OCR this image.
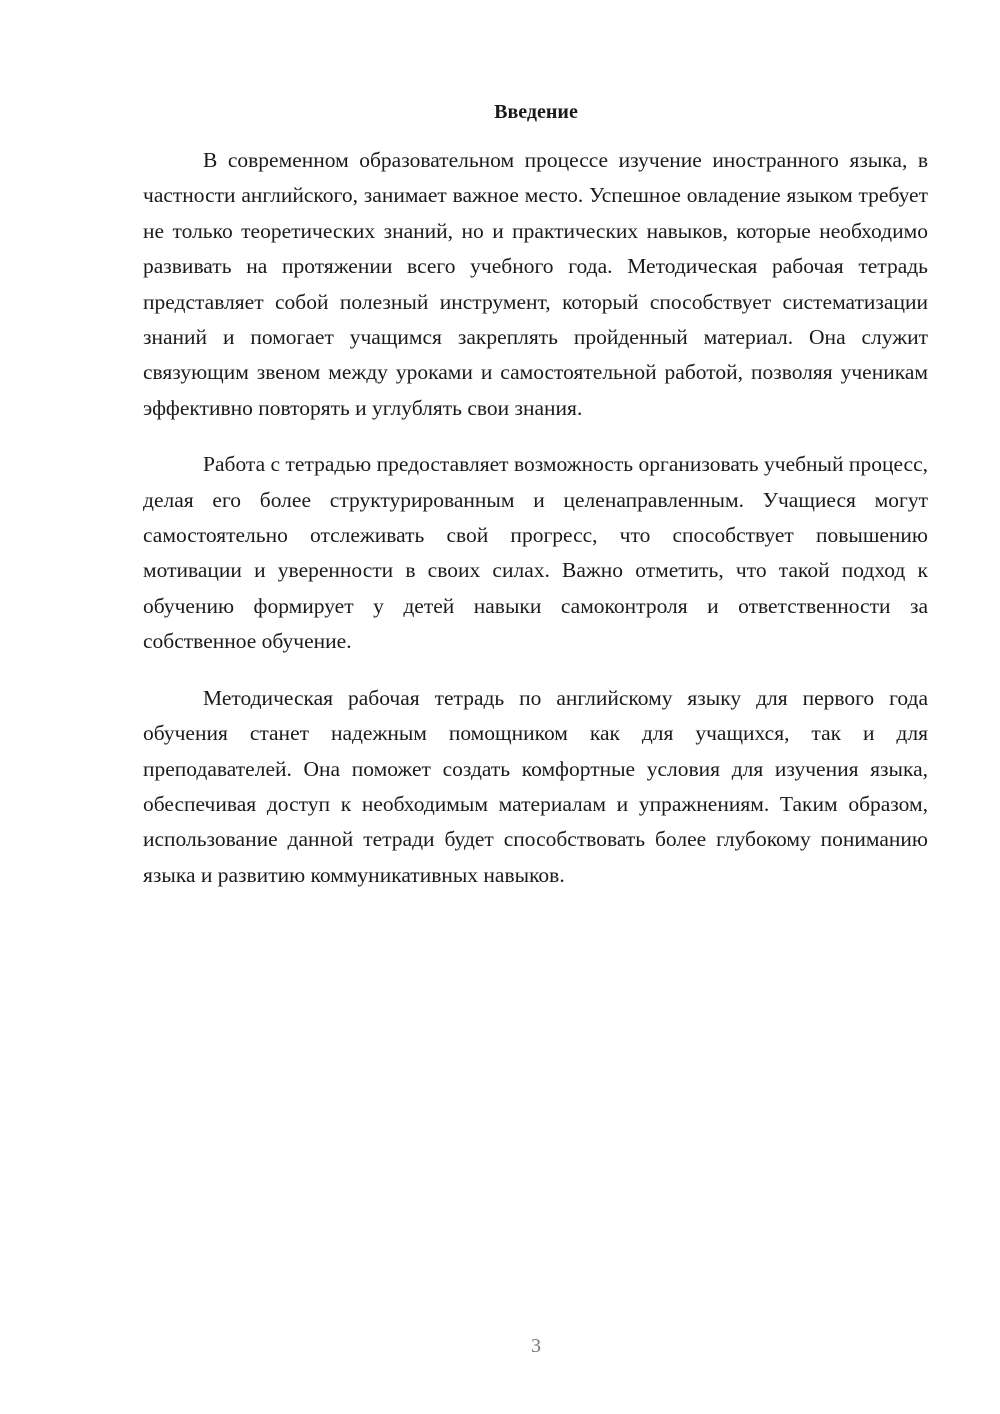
Введение

В современном образовательном процессе изучение иностранного языка, в частности английского, занимает важное место. Успешное овладение языком требует не только теоретических знаний, но и практических навыков, которые необходимо развивать на протяжении всего учебного года. Методическая рабочая тетрадь представляет собой полезный инструмент, который способствует систематизации знаний и помогает учащимся закреплять пройденный материал. Она служит связующим звеном между уроками и самостоятельной работой, позволяя ученикам эффективно повторять и углублять свои знания.

Работа с тетрадью предоставляет возможность организовать учебный процесс, делая его более структурированным и целенаправленным. Учащиеся могут самостоятельно отслеживать свой прогресс, что способствует повышению мотивации и уверенности в своих силах. Важно отметить, что такой подход к обучению формирует у детей навыки самоконтроля и ответственности за собственное обучение.

Методическая рабочая тетрадь по английскому языку для первого года обучения станет надежным помощником как для учащихся, так и для преподавателей. Она поможет создать комфортные условия для изучения языка, обеспечивая доступ к необходимым материалам и упражнениям. Таким образом, использование данной тетради будет способствовать более глубокому пониманию языка и развитию коммуникативных навыков.

3
